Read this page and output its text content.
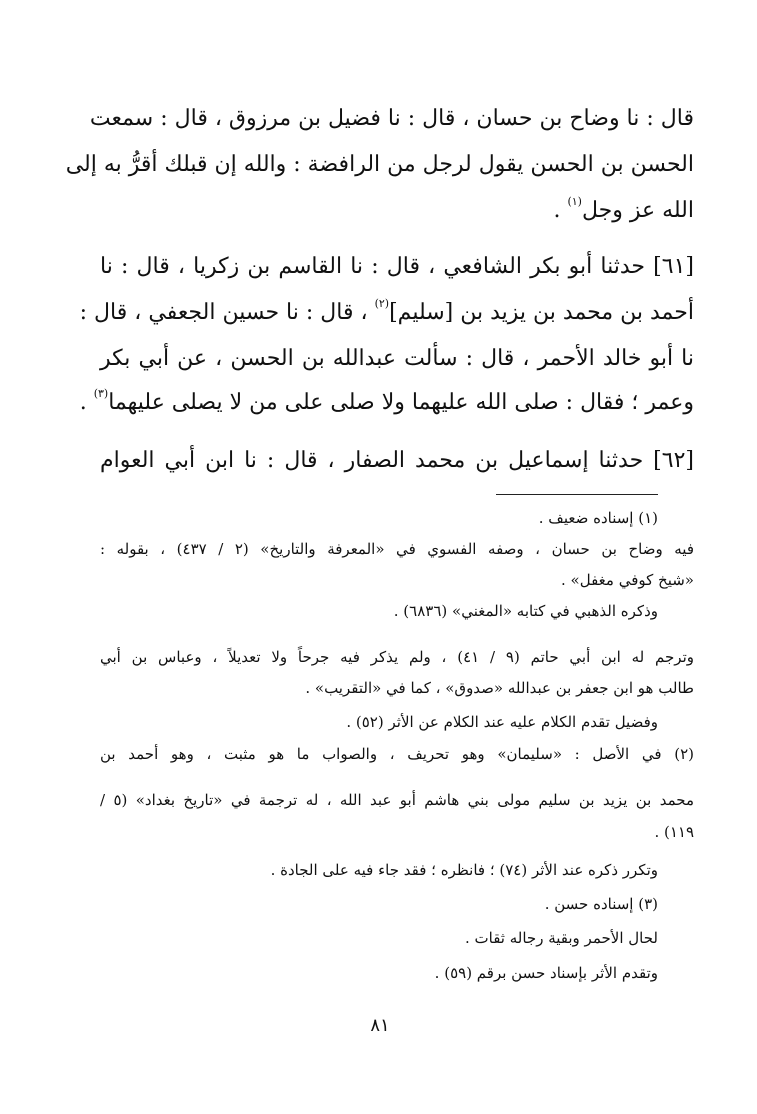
قال : نا وضاح بن حسان ، قال : نا فضيل بن مرزوق ، قال : سمعت
الحسن بن الحسن يقول لرجل من الرافضة : والله إن قبلك أقرُّ به إلى
الله عز وجل$^{(١)}$ .
[٦١] حدثنا أبو بكر الشافعي ، قال : نا القاسم بن زكريا ، قال : نا
أحمد بن محمد بن يزيد بن [سليم]$^{(٢)}$ ، قال : نا حسين الجعفي ، قال :
نا أبو خالد الأحمر ، قال : سألت عبدالله بن الحسن ، عن أبي بكر
وعمر ؛ فقال : صلى الله عليهما ولا صلى على من لا يصلى عليهما$^{(٣)}$ .
[٦٢] حدثنا إسماعيل بن محمد الصفار ، قال : نا ابن أبي العوام
(١) إسناده ضعيف .
فيه وضاح بن حسان ، وصفه الفسوي في «المعرفة والتاريخ» (٢ / ٤٣٧) ، بقوله :
«شيخ كوفي مغفل» .
وذكره الذهبي في كتابه «المغني» (٦٨٣٦) .
وترجم له ابن أبي حاتم (٩ / ٤١) ، ولم يذكر فيه جرحاً ولا تعديلاً ، وعباس بن أبي
طالب هو ابن جعفر بن عبدالله «صدوق» ، كما في «التقريب» .
وفضيل تقدم الكلام عليه عند الكلام عن الأثر (٥٢) .
(٢) في الأصل : «سليمان» وهو تحريف ، والصواب ما هو مثبت ، وهو أحمد بن
محمد بن يزيد بن سليم مولى بني هاشم أبو عبد الله ، له ترجمة في «تاريخ بغداد» (٥ /
١١٩) .
وتكرر ذكره عند الأثر (٧٤) ؛ فانظره ؛ فقد جاء فيه على الجادة .
(٣) إسناده حسن .
لحال الأحمر وبقية رجاله ثقات .
وتقدم الأثر بإسناد حسن برقم (٥٩) .
٨١
